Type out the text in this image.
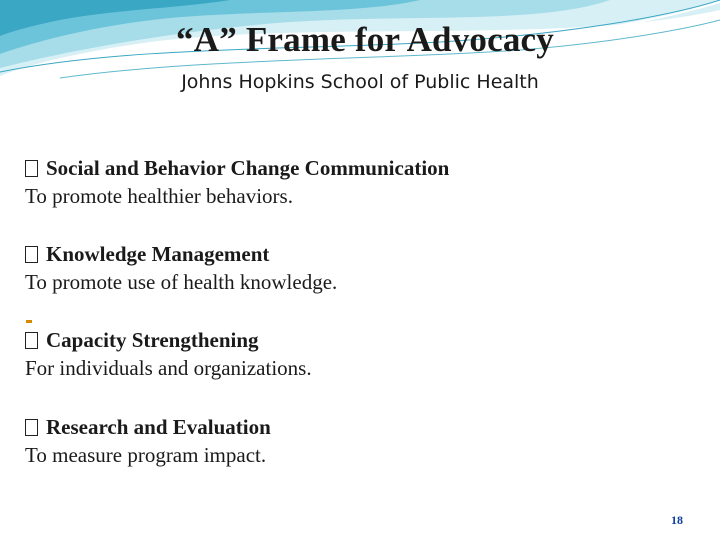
“A” Frame for Advocacy
Johns Hopkins School of Public Health
Social and Behavior Change Communication
To promote healthier behaviors.
Knowledge Management
To promote use of health knowledge.
Capacity Strengthening
For individuals and organizations.
Research and Evaluation
To measure program impact.
18
